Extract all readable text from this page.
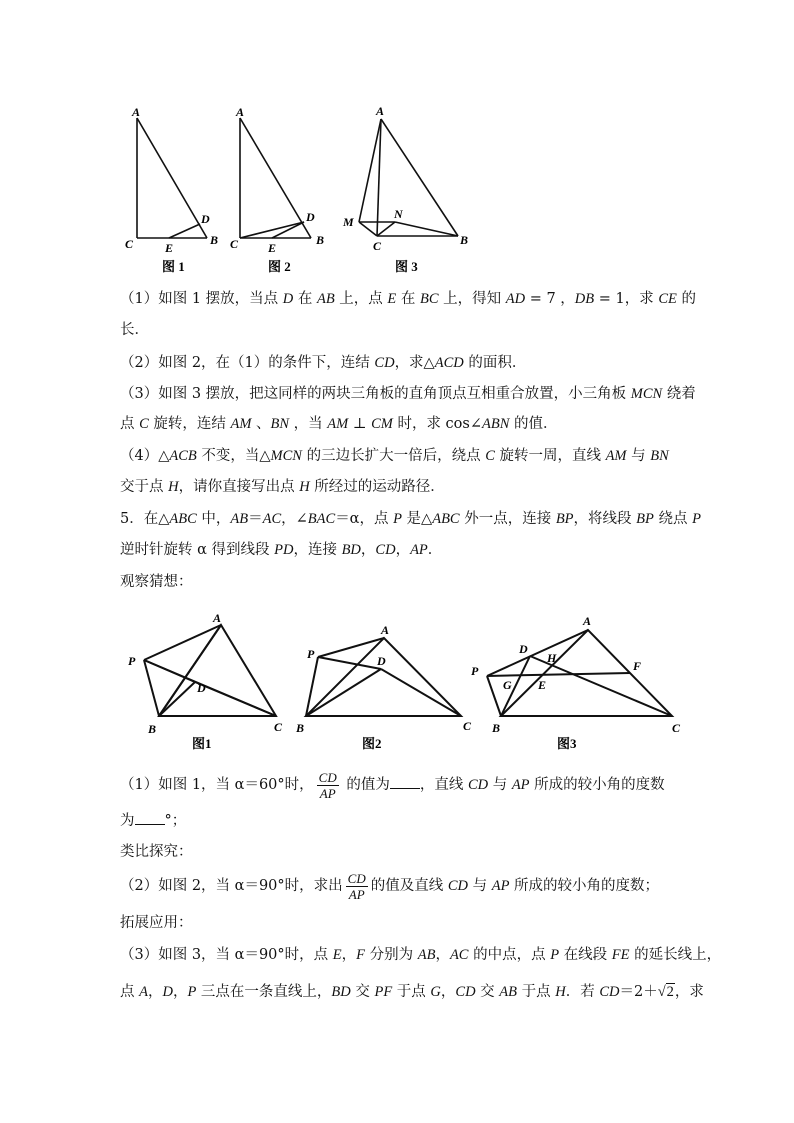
A
C	E
D
B
图 1
A
C E
D
B
图 2
A
M
N
C	B
图 3
（1）如图 1 摆放，当点 D 在 AB 上，点 E 在 BC 上，得知 AD = 7 ，DB = 1，求 CE 的
长．
（2）如图 2，在（1）的条件下，连结 CD，求△ACD 的面积．
（3）如图 3 摆放，把这同样的两块三角板的直角顶点互相重合放置，小三角板 MCN 绕着
点 C 旋转，连结 AM 、BN ，当 AM ⊥ CM 时，求 cos∠ABN 的值．
（4）△ACB 不变，当△MCN 的三边长扩大一倍后，绕点 C 旋转一周，直线 AM 与 BN
交于点 H，请你直接写出点 H 所经过的运动路径．
5．在△ABC 中，AB＝AC，∠BAC＝α，点 P 是△ABC 外一点，连接 BP，将线段 BP 绕点 P
逆时针旋转 α 得到线段 PD，连接 BD，CD，AP．
观察猜想：
A
P
D
B	C
图1
A
P	D
B	C
图2
A
D
H
F
P
G E
B	C
图3
（1）如图 1，当 α＝60°时， $\frac{CD}{AP}$ 的值为 ，直线 CD 与 AP 所成的较小角的度数
为 °；
类比探究：
（2）如图 2，当 α＝90°时，求出 $\frac{CD}{AP}$ 的值及直线 CD 与 AP 所成的较小角的度数；
拓展应用：
（3）如图 3，当 α＝90°时，点 E，F 分别为 AB，AC 的中点，点 P 在线段 FE 的延长线上，
点 A，D，P 三点在一条直线上，BD 交 PF 于点 G，CD 交 AB 于点 H．若 CD＝2＋√2，求
